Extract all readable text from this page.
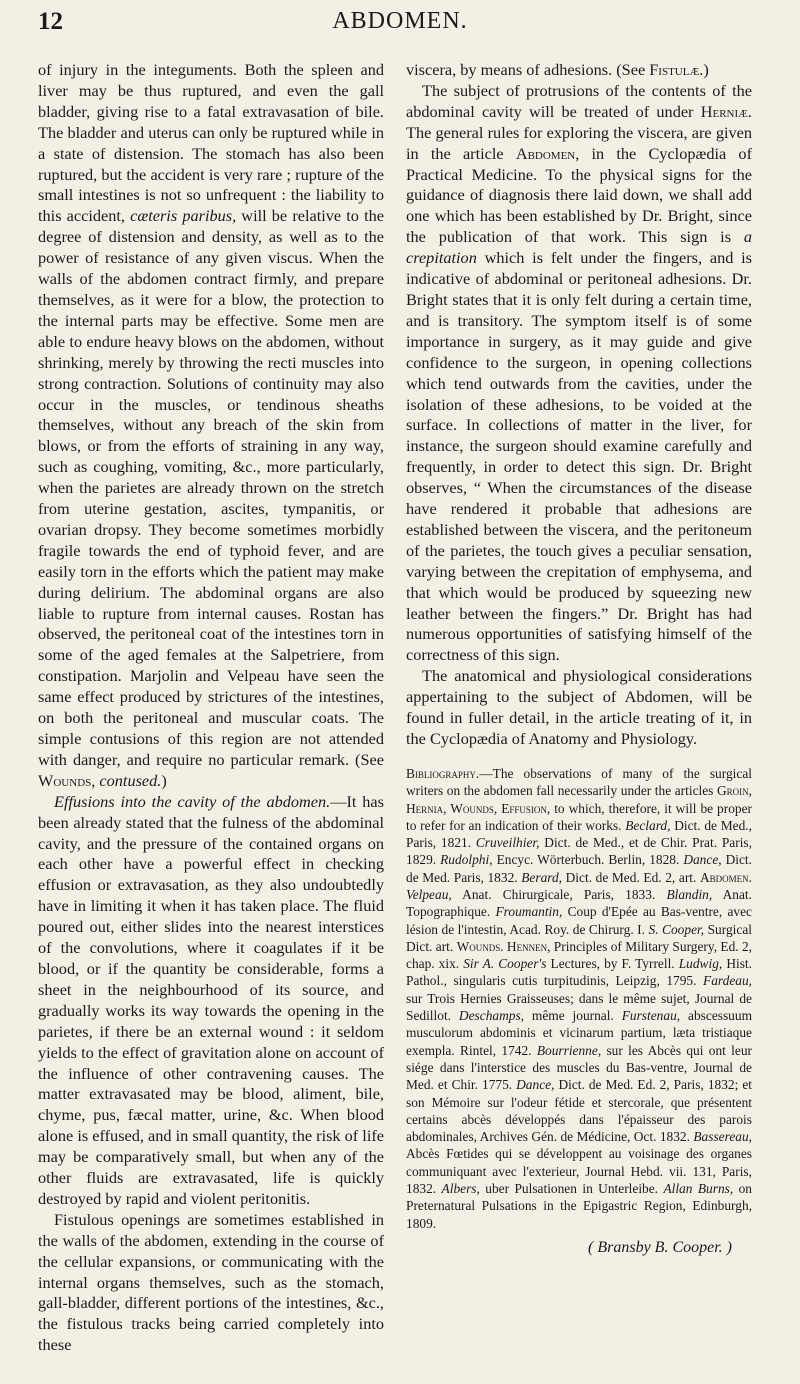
12	ABDOMEN.

of injury in the integuments. Both the spleen and liver may be thus ruptured, and even the gall bladder, giving rise to a fatal extravasation of bile. The bladder and uterus can only be ruptured while in a state of distension. The stomach has also been ruptured, but the accident is very rare ; rupture of the small intestines is not so unfrequent : the liability to this accident, cæteris paribus, will be relative to the degree of distension and density, as well as to the power of resistance of any given viscus. When the walls of the abdomen contract firmly, and prepare themselves, as it were for a blow, the protection to the internal parts may be effective. Some men are able to endure heavy blows on the abdomen, without shrinking, merely by throwing the recti muscles into strong contraction. Solutions of continuity may also occur in the muscles, or tendinous sheaths themselves, without any breach of the skin from blows, or from the efforts of straining in any way, such as coughing, vomiting, &c., more particularly, when the parietes are already thrown on the stretch from uterine gestation, ascites, tympanitis, or ovarian dropsy. They become sometimes morbidly fragile towards the end of typhoid fever, and are easily torn in the efforts which the patient may make during delirium. The abdominal organs are also liable to rupture from internal causes. Rostan has observed, the peritoneal coat of the intestines torn in some of the aged females at the Salpetriere, from constipation. Marjolin and Velpeau have seen the same effect produced by strictures of the intestines, on both the peritoneal and muscular coats. The simple contusions of this region are not attended with danger, and require no particular remark. (See Wounds, contused.)

Effusions into the cavity of the abdomen.—It has been already stated that the fulness of the abdominal cavity, and the pressure of the contained organs on each other have a powerful effect in checking effusion or extravasation, as they also undoubtedly have in limiting it when it has taken place. The fluid poured out, either slides into the nearest interstices of the convolutions, where it coagulates if it be blood, or if the quantity be considerable, forms a sheet in the neighbourhood of its source, and gradually works its way towards the opening in the parietes, if there be an external wound : it seldom yields to the effect of gravitation alone on account of the influence of other contravening causes. The matter extravasated may be blood, aliment, bile, chyme, pus, fæcal matter, urine, &c. When blood alone is effused, and in small quantity, the risk of life may be comparatively small, but when any of the other fluids are extravasated, life is quickly destroyed by rapid and violent peritonitis.

Fistulous openings are sometimes established in the walls of the abdomen, extending in the course of the cellular expansions, or communicating with the internal organs themselves, such as the stomach, gall-bladder, different portions of the intestines, &c., the fistulous tracks being carried completely into these

viscera, by means of adhesions. (See Fistulæ.)

The subject of protrusions of the contents of the abdominal cavity will be treated of under Herniæ. The general rules for exploring the viscera, are given in the article Abdomen, in the Cyclopædia of Practical Medicine. To the physical signs for the guidance of diagnosis there laid down, we shall add one which has been established by Dr. Bright, since the publication of that work. This sign is a crepitation which is felt under the fingers, and is indicative of abdominal or peritoneal adhesions. Dr. Bright states that it is only felt during a certain time, and is transitory. The symptom itself is of some importance in surgery, as it may guide and give confidence to the surgeon, in opening collections which tend outwards from the cavities, under the isolation of these adhesions, to be voided at the surface. In collections of matter in the liver, for instance, the surgeon should examine carefully and frequently, in order to detect this sign. Dr. Bright observes, “ When the circumstances of the disease have rendered it probable that adhesions are established between the viscera, and the peritoneum of the parietes, the touch gives a peculiar sensation, varying between the crepitation of emphysema, and that which would be produced by squeezing new leather between the fingers.” Dr. Bright has had numerous opportunities of satisfying himself of the correctness of this sign.

The anatomical and physiological considerations appertaining to the subject of Abdomen, will be found in fuller detail, in the article treating of it, in the Cyclopædia of Anatomy and Physiology.

Bibliography.—The observations of many of the surgical writers on the abdomen fall necessarily under the articles Groin, Hernia, Wounds, Effusion, to which, therefore, it will be proper to refer for an indication of their works. Beclard, Dict. de Med., Paris, 1821. Cruveilhier, Dict. de Med., et de Chir. Prat. Paris, 1829. Rudolphi, Encyc. Wörterbuch. Berlin, 1828. Dance, Dict. de Med. Paris, 1832. Berard, Dict. de Med. Ed. 2, art. Abdomen. Velpeau, Anat. Chirurgicale, Paris, 1833. Blandin, Anat. Topographique. Froumantin, Coup d'Epée au Bas-ventre, avec lésion de l'intestin, Acad. Roy. de Chirurg. I. S. Cooper, Surgical Dict. art. Wounds. Hennen, Principles of Military Surgery, Ed. 2, chap. xix. Sir A. Cooper's Lectures, by F. Tyrrell. Ludwig, Hist. Pathol., singularis cutis turpitudinis, Leipzig, 1795. Fardeau, sur Trois Hernies Graisseuses; dans le même sujet, Journal de Sedillot. Deschamps, même journal. Furstenau, abscessuum musculorum abdominis et vicinarum partium, læta tristiaque exempla. Rintel, 1742. Bourrienne, sur les Abcès qui ont leur siége dans l'interstice des muscles du Bas-ventre, Journal de Med. et Chir. 1775. Dance, Dict. de Med. Ed. 2, Paris, 1832; et son Mémoire sur l'odeur fétide et stercorale, que présentent certains abcès développés dans l'épaisseur des parois abdominales, Archives Gén. de Médicine, Oct. 1832. Bassereau, Abcès Fœtides qui se développent au voisinage des organes communiquant avec l'exterieur, Journal Hebd. vii. 131, Paris, 1832. Albers, uber Pulsationen in Unterleibe. Allan Burns, on Preternatural Pulsations in the Epigastric Region, Edinburgh, 1809.
( Bransby B. Cooper. )
